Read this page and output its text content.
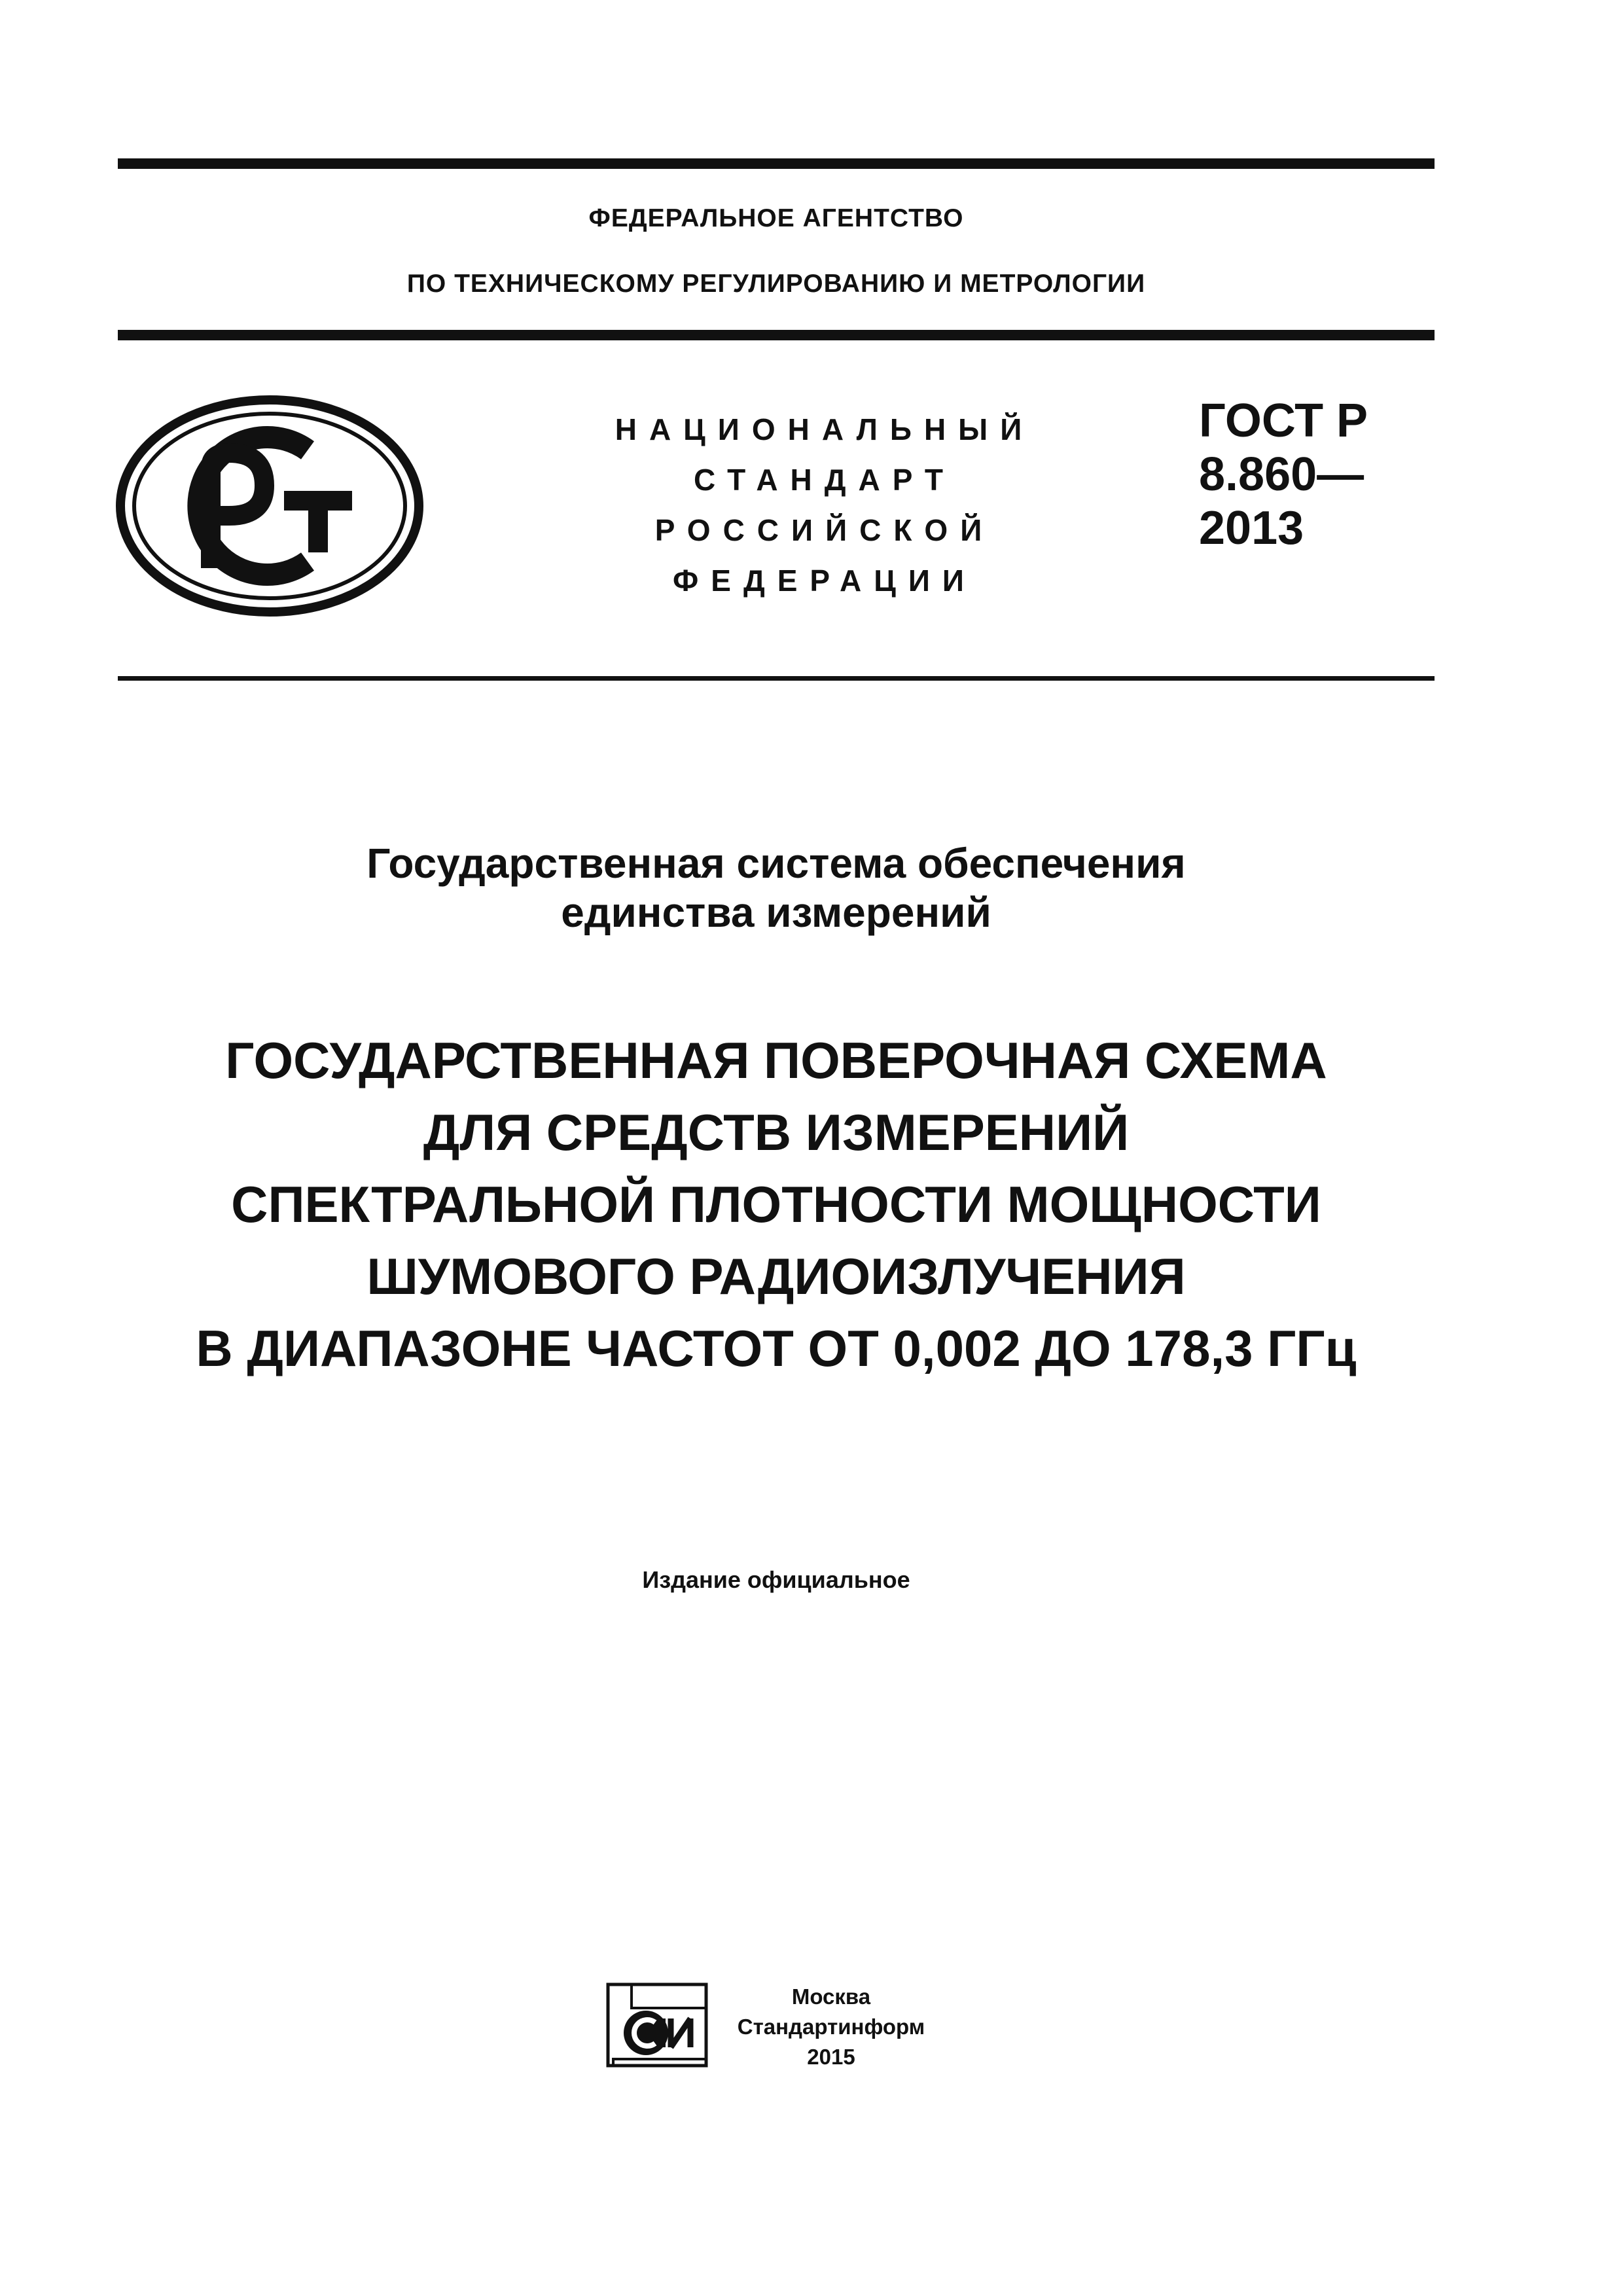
ФЕДЕРАЛЬНОЕ АГЕНТСТВО
ПО ТЕХНИЧЕСКОМУ РЕГУЛИРОВАНИЮ И МЕТРОЛОГИИ
НАЦИОНАЛЬНЫЙ
СТАНДАРТ
РОССИЙСКОЙ
ФЕДЕРАЦИИ
ГОСТ Р
8.860—
2013
Государственная система обеспечения
единства измерений
ГОСУДАРСТВЕННАЯ ПОВЕРОЧНАЯ СХЕМА
ДЛЯ СРЕДСТВ ИЗМЕРЕНИЙ
СПЕКТРАЛЬНОЙ ПЛОТНОСТИ МОЩНОСТИ
ШУМОВОГО РАДИОИЗЛУЧЕНИЯ
В ДИАПАЗОНЕ ЧАСТОТ ОТ 0,002 ДО 178,3 ГГц
Издание официальное
Москва
Стандартинформ
2015
